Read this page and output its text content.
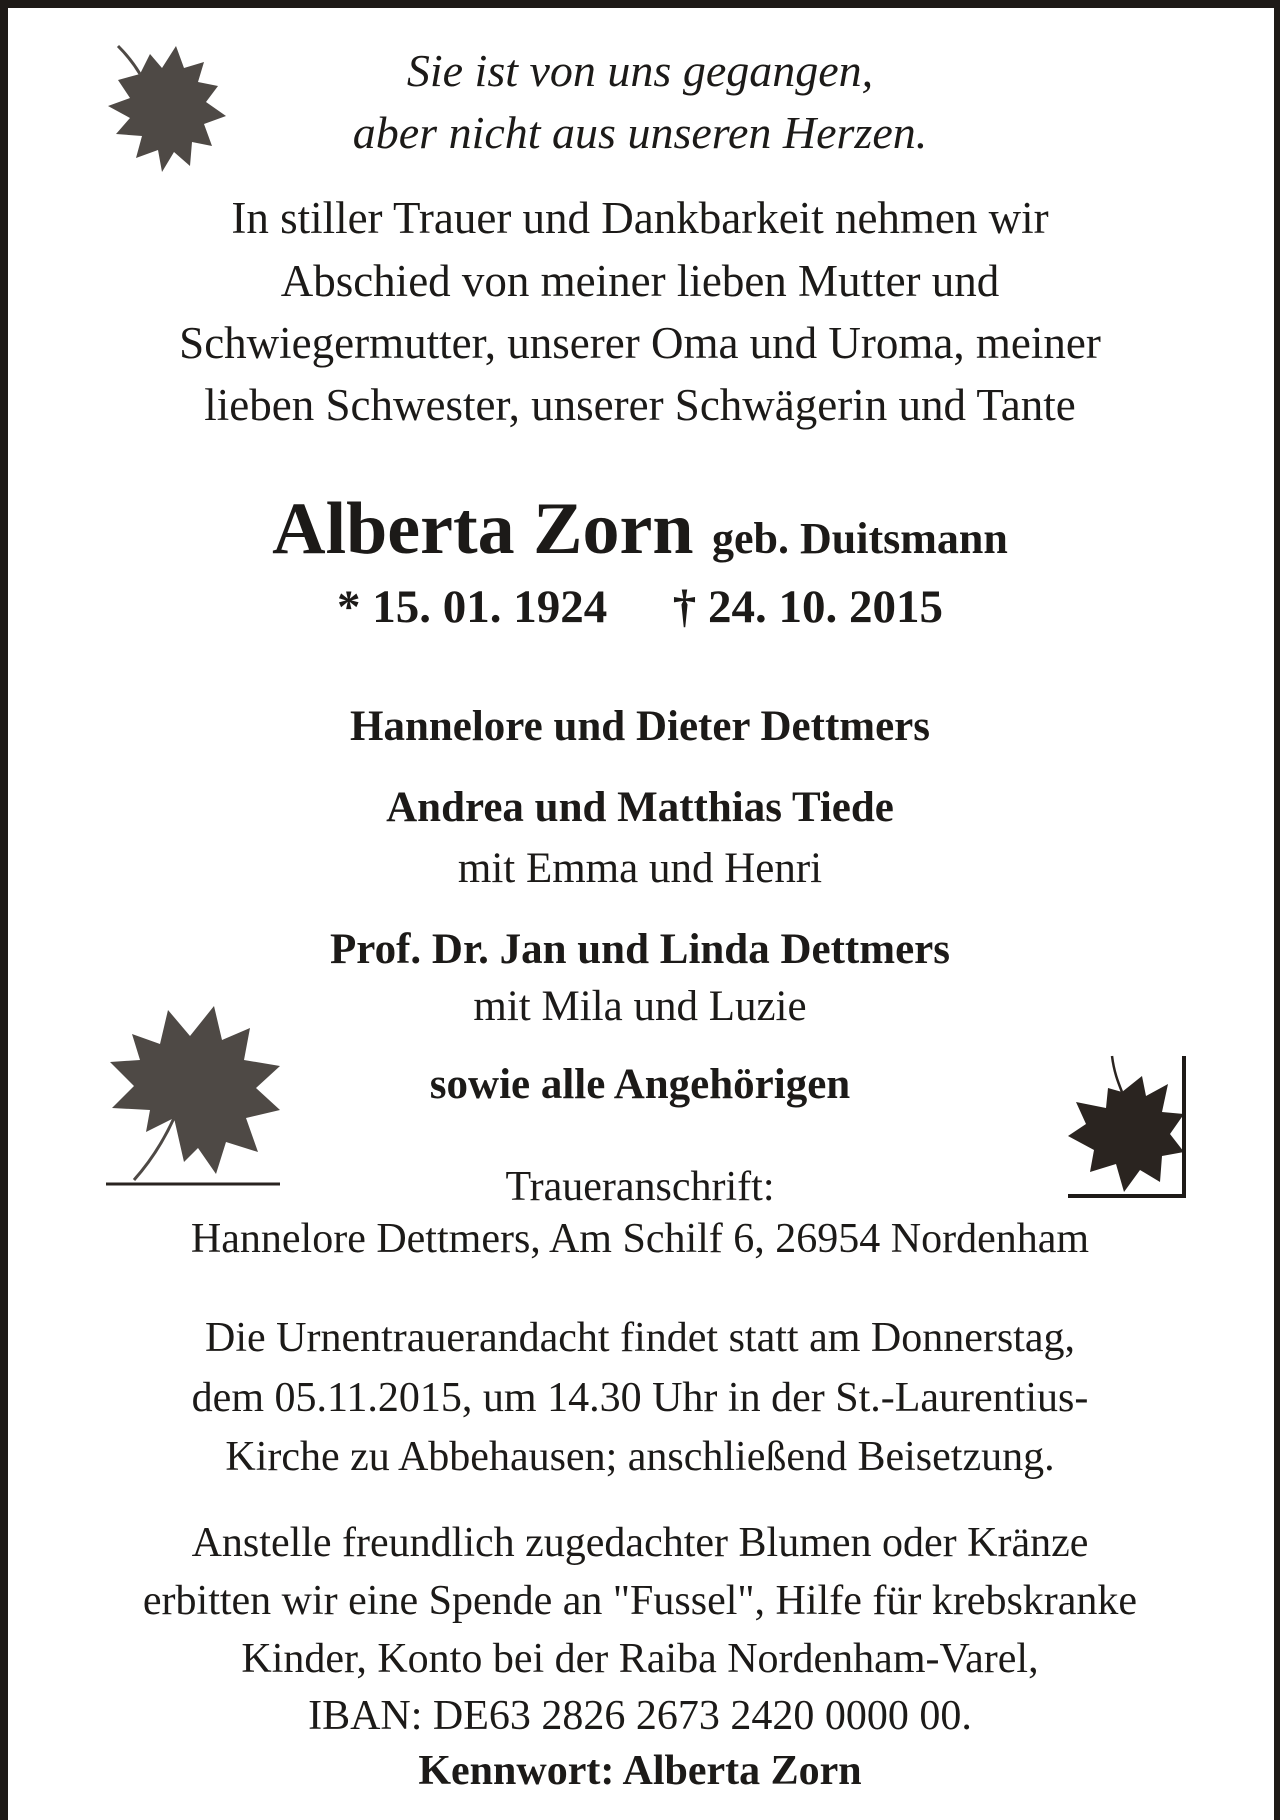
Sie ist von uns gegangen,
aber nicht aus unseren Herzen.
In stiller Trauer und Dankbarkeit nehmen wir
Abschied von meiner lieben Mutter und
Schwiegermutter, unserer Oma und Uroma, meiner
lieben Schwester, unserer Schwägerin und Tante
Alberta Zorn geb. Duitsmann
* 15. 01. 1924 † 24. 10. 2015
Hannelore und Dieter Dettmers
Andrea und Matthias Tiede
mit Emma und Henri
Prof. Dr. Jan und Linda Dettmers
mit Mila und Luzie
sowie alle Angehörigen
Traueranschrift:
Hannelore Dettmers, Am Schilf 6, 26954 Nordenham
Die Urnentrauerandacht findet statt am Donnerstag,
dem 05.11.2015, um 14.30 Uhr in der St.-Laurentius-
Kirche zu Abbehausen; anschließend Beisetzung.
Anstelle freundlich zugedachter Blumen oder Kränze
erbitten wir eine Spende an "Fussel", Hilfe für krebskranke
Kinder, Konto bei der Raiba Nordenham-Varel,
IBAN: DE63 2826 2673 2420 0000 00.
Kennwort: Alberta Zorn
